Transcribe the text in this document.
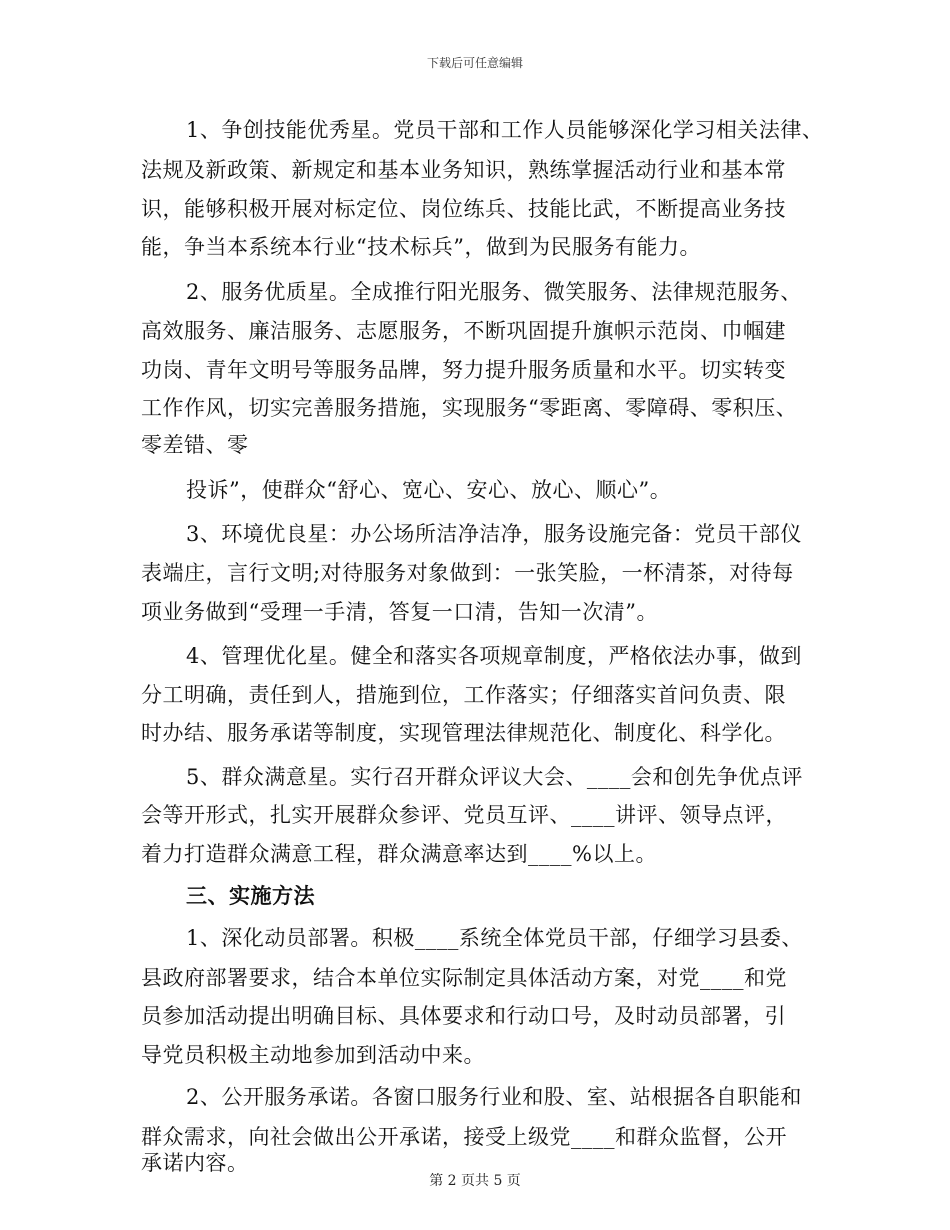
下载后可任意编辑
1、争创技能优秀星。党员干部和工作人员能够深化学习相关法律、
法规及新政策、新规定和基本业务知识，熟练掌握活动行业和基本常
识，能够积极开展对标定位、岗位练兵、技能比武，不断提高业务技
能，争当本系统本行业“技术标兵”，做到为民服务有能力。
2、服务优质星。全成推行阳光服务、微笑服务、法律规范服务、
高效服务、廉洁服务、志愿服务，不断巩固提升旗帜示范岗、巾帼建
功岗、青年文明号等服务品牌，努力提升服务质量和水平。切实转变
工作作风，切实完善服务措施，实现服务“零距离、零障碍、零积压、
零差错、零
投诉”，使群众“舒心、宽心、安心、放心、顺心”。
3、环境优良星：办公场所洁净洁净，服务设施完备：党员干部仪
表端庄，言行文明;对待服务对象做到：一张笑脸，一杯清茶，对待每
项业务做到“受理一手清，答复一口清，告知一次清”。
4、管理优化星。健全和落实各项规章制度，严格依法办事，做到
分工明确，责任到人，措施到位，工作落实；仔细落实首问负责、限
时办结、服务承诺等制度，实现管理法律规范化、制度化、科学化。
5、群众满意星。实行召开群众评议大会、____会和创先争优点评
会等开形式，扎实开展群众参评、党员互评、____讲评、领导点评，
着力打造群众满意工程，群众满意率达到____%以上。
三、实施方法
1、深化动员部署。积极____系统全体党员干部，仔细学习县委、
县政府部署要求，结合本单位实际制定具体活动方案，对党____和党
员参加活动提出明确目标、具体要求和行动口号，及时动员部署，引
导党员积极主动地参加到活动中来。
2、公开服务承诺。各窗口服务行业和股、室、站根据各自职能和
群众需求，向社会做出公开承诺，接受上级党____和群众监督，公开
承诺内容。
第 2 页共 5 页
